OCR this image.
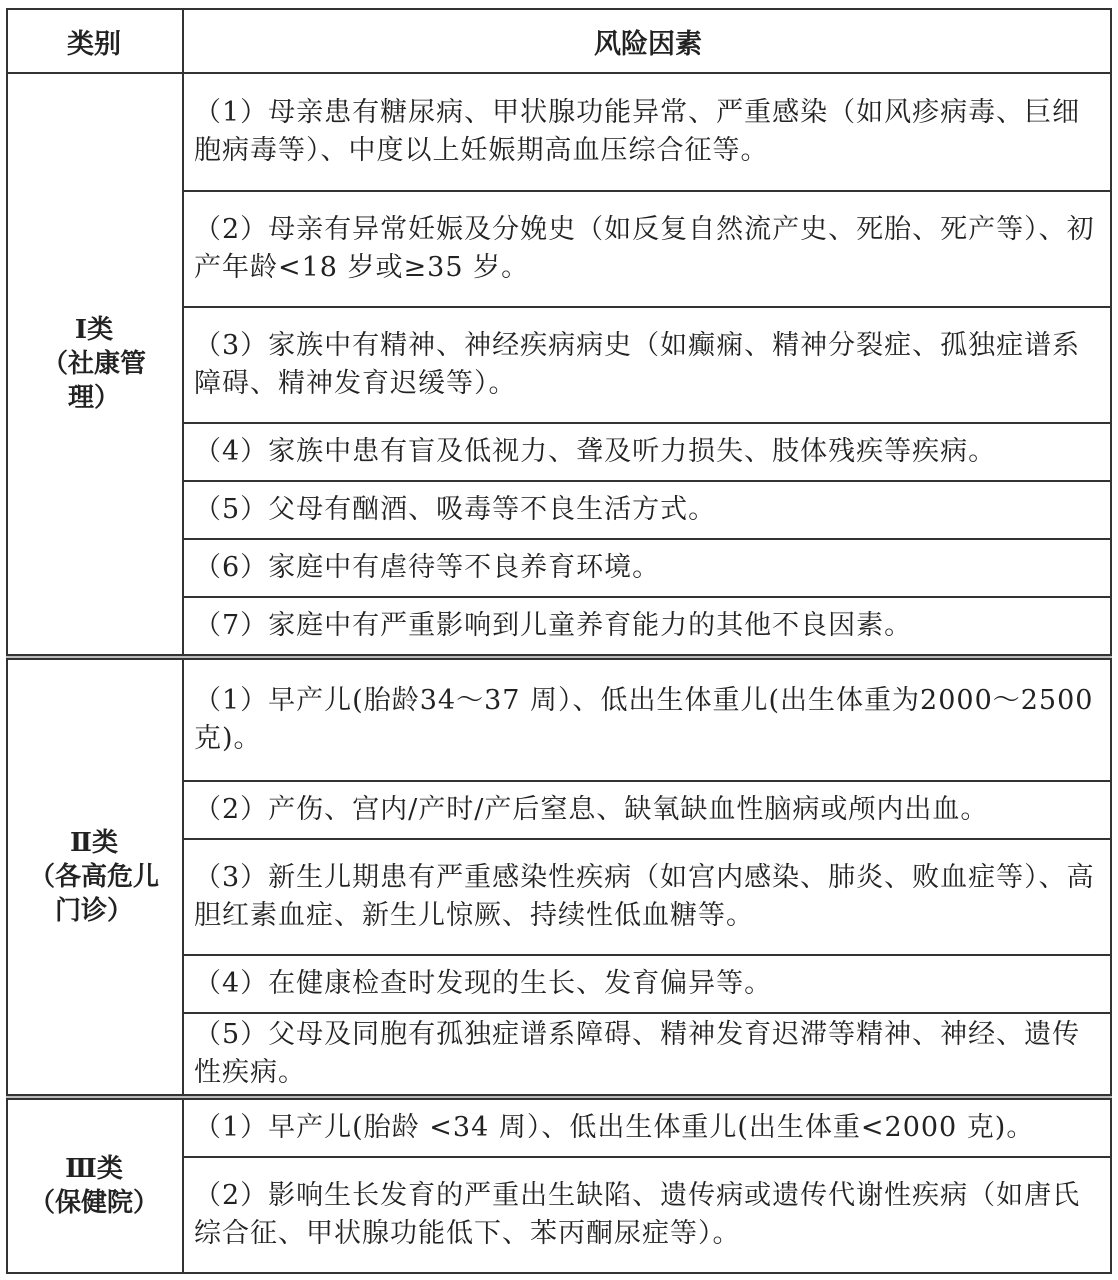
类别	风险因素
Ⅰ类
（社康管
理）
（1）母亲患有糖尿病、甲状腺功能异常、严重感染（如风疹病毒、巨细胞病毒等）、中度以上妊娠期高血压综合征等。
（2）母亲有异常妊娠及分娩史（如反复自然流产史、死胎、死产等）、初产年龄<18 岁或≥35 岁。
（3）家族中有精神、神经疾病病史（如癫痫、精神分裂症、孤独症谱系障碍、精神发育迟缓等）。
（4）家族中患有盲及低视力、聋及听力损失、肢体残疾等疾病。
（5）父母有酗酒、吸毒等不良生活方式。
（6）家庭中有虐待等不良养育环境。
（7）家庭中有严重影响到儿童养育能力的其他不良因素。
Ⅱ类
（各高危儿
门诊）
（1）早产儿(胎龄34～37 周）、低出生体重儿(出生体重为2000～2500克)。
（2）产伤、宫内/产时/产后窒息、缺氧缺血性脑病或颅内出血。
（3）新生儿期患有严重感染性疾病（如宫内感染、肺炎、败血症等）、高胆红素血症、新生儿惊厥、持续性低血糖等。
（4）在健康检查时发现的生长、发育偏异等。
（5）父母及同胞有孤独症谱系障碍、精神发育迟滞等精神、神经、遗传性疾病。
Ⅲ类
（保健院）
（1）早产儿(胎龄 <34 周）、低出生体重儿(出生体重<2000 克)。
（2）影响生长发育的严重出生缺陷、遗传病或遗传代谢性疾病（如唐氏综合征、甲状腺功能低下、苯丙酮尿症等）。
